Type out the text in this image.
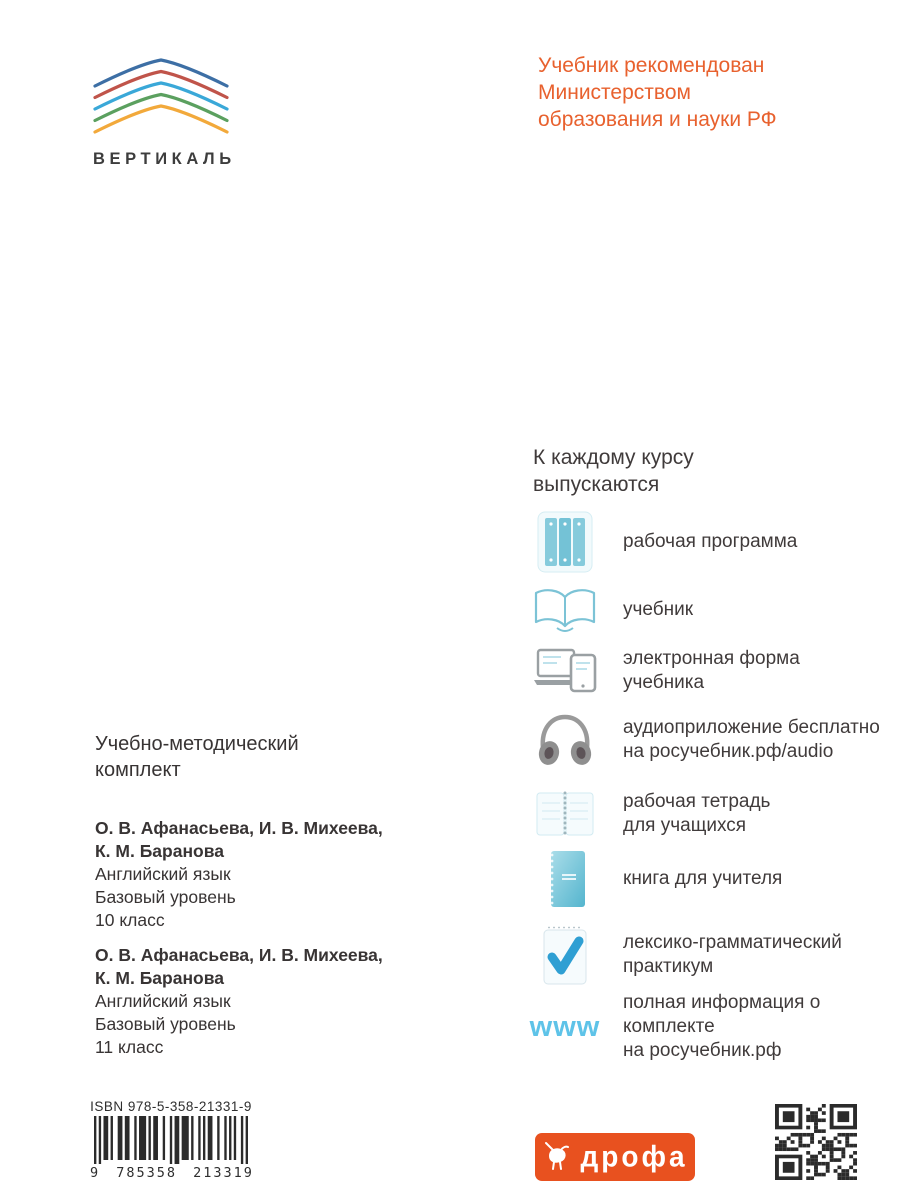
ВЕРТИКАЛЬ
Учебник рекомендован
Министерством
образования и науки РФ
К каждому курсу
выпускаются
рабочая программа
учебник
электронная форма
учебника
аудиоприложение бесплатно
на росучебник.рф/audio
рабочая тетрадь
для учащихся
книга для учителя
лексико-грамматический
практикум
www
полная информация о комплекте
на росучебник.рф
Учебно-методический
комплект
О. В. Афанасьева, И. В. Михеева,
К. М. Баранова
Английский язык
Базовый уровень
10 класс
О. В. Афанасьева, И. В. Михеева,
К. М. Баранова
Английский язык
Базовый уровень
11 класс
ISBN 978-5-358-21331-9
9 785358 213319
дрофа
